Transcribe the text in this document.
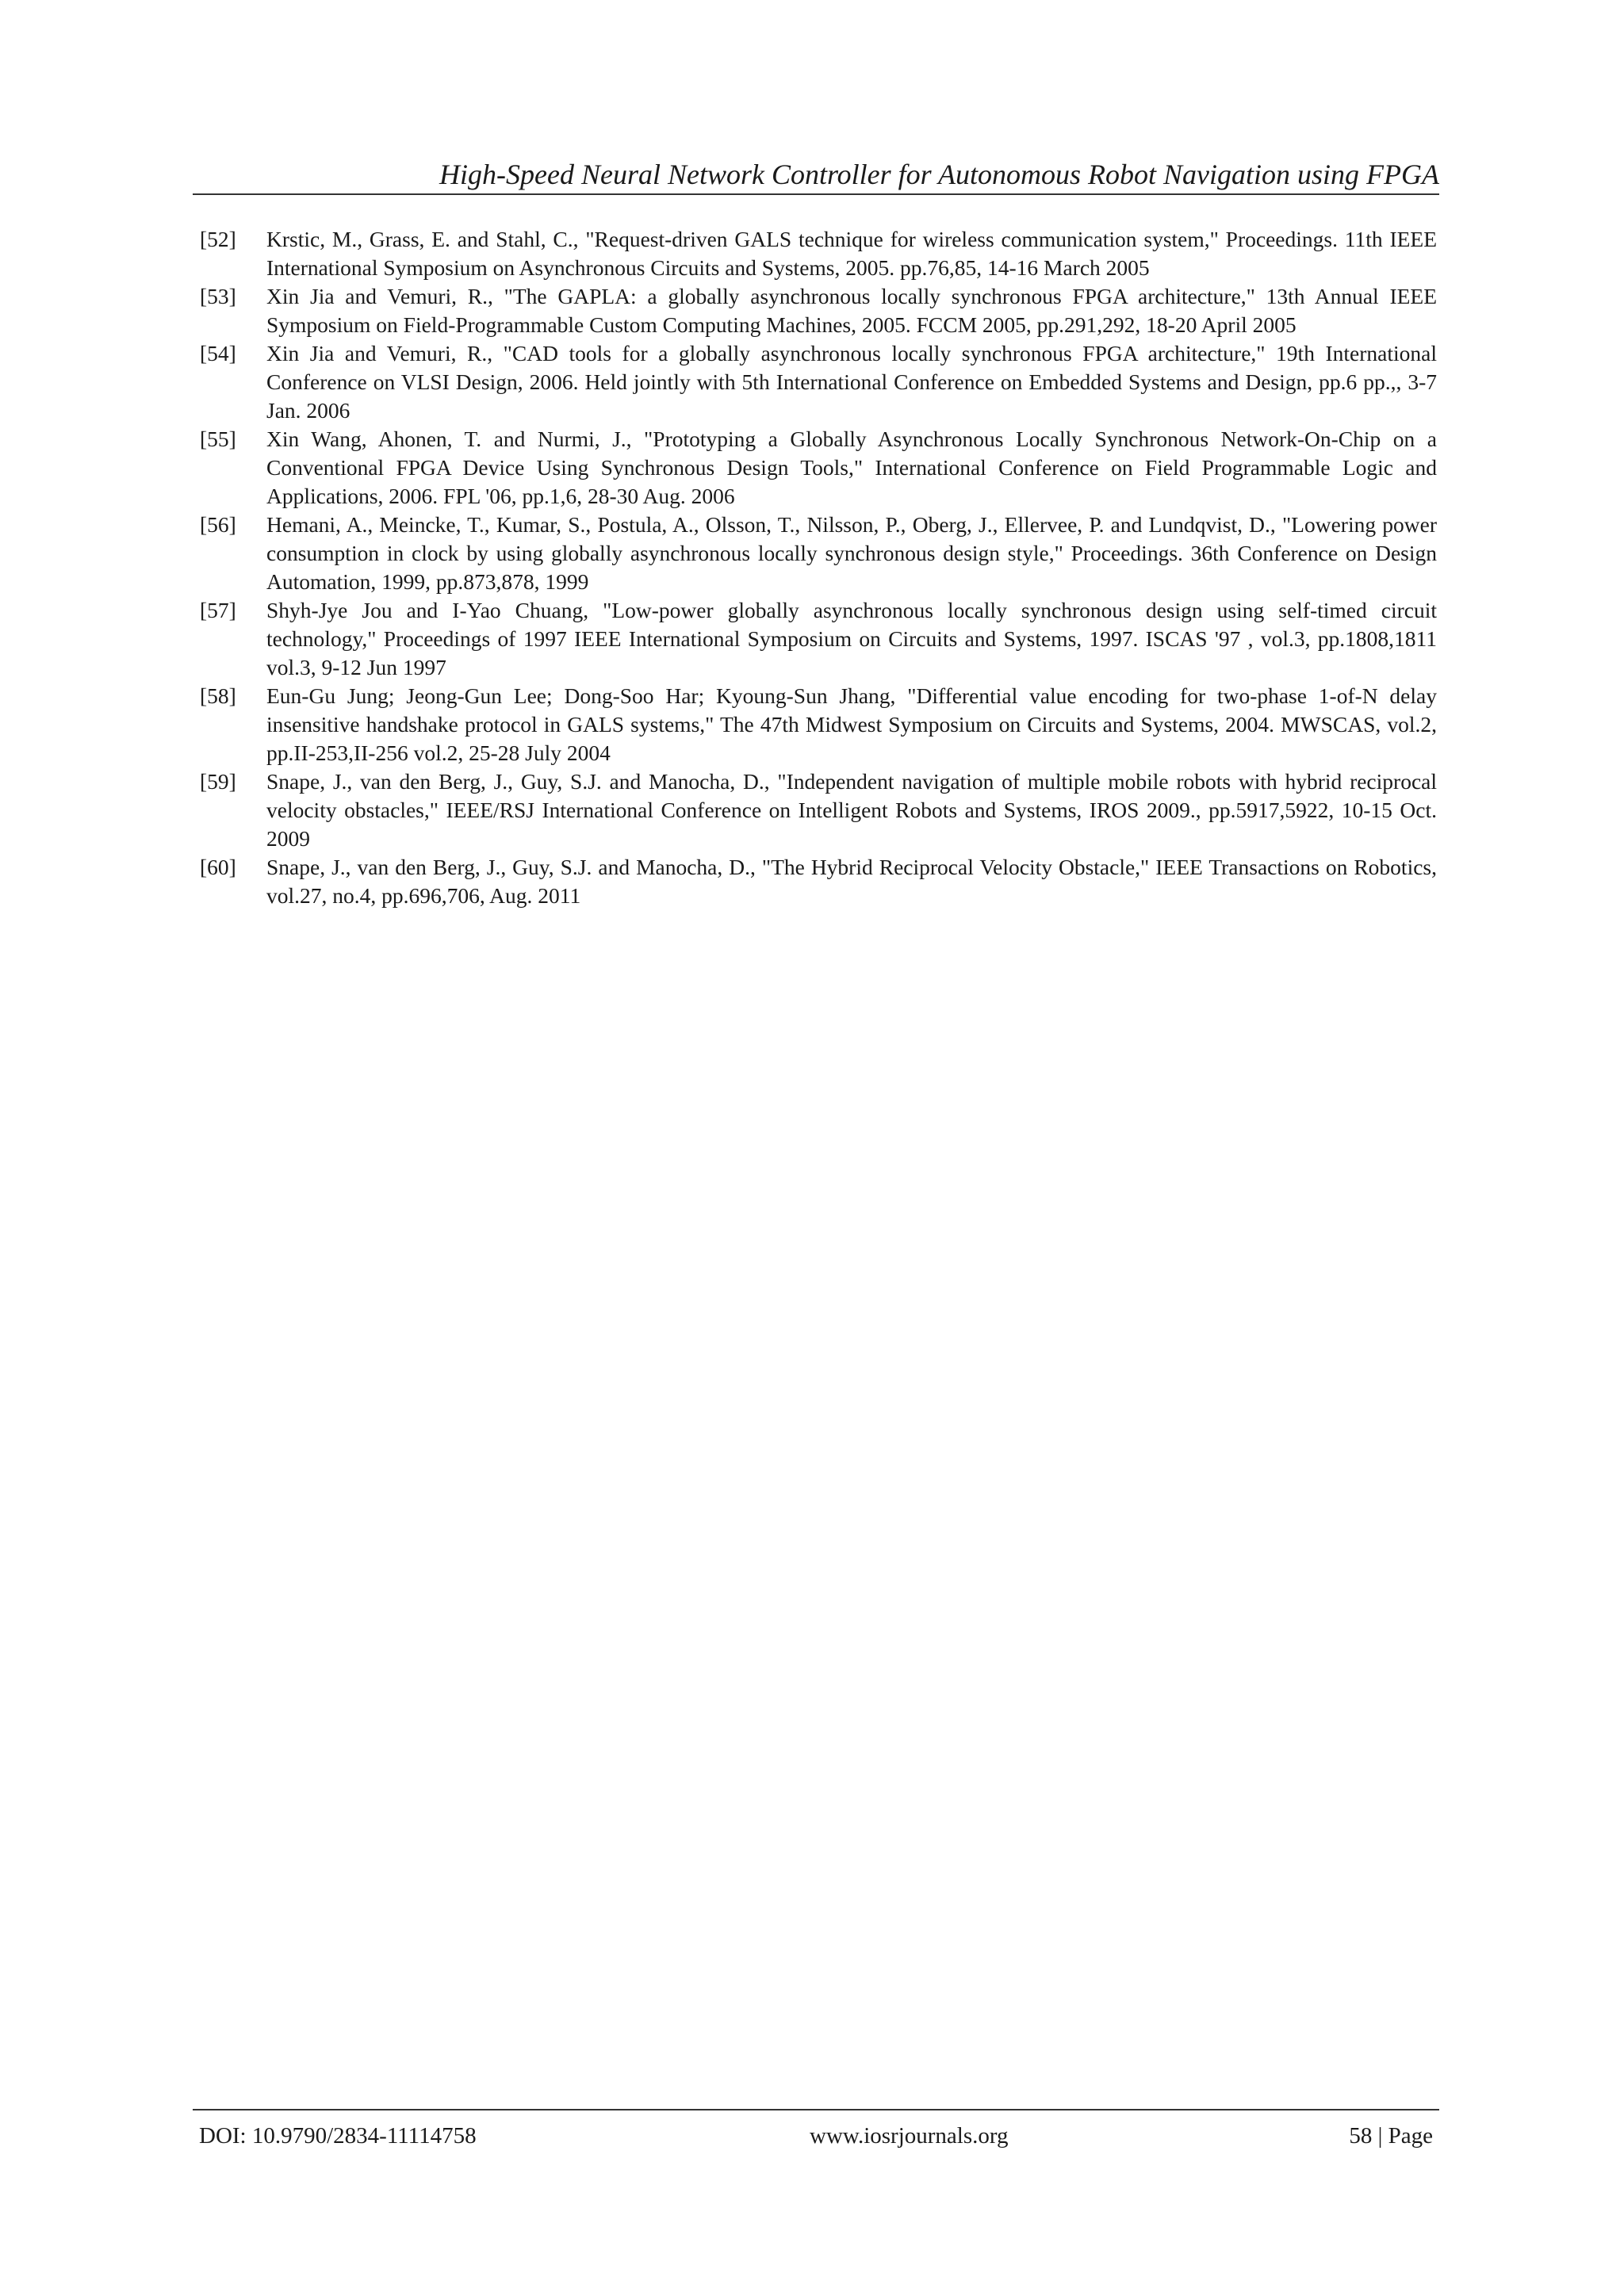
High-Speed Neural Network Controller for Autonomous Robot Navigation using FPGA
[52]	Krstic, M., Grass, E. and Stahl, C., "Request-driven GALS technique for wireless communication system," Proceedings. 11th IEEE International Symposium on Asynchronous Circuits and Systems, 2005. pp.76,85, 14-16 March 2005
[53]	Xin Jia and Vemuri, R., "The GAPLA: a globally asynchronous locally synchronous FPGA architecture," 13th Annual IEEE Symposium on Field-Programmable Custom Computing Machines, 2005. FCCM 2005, pp.291,292, 18-20 April 2005
[54]	Xin Jia and Vemuri, R., "CAD tools for a globally asynchronous locally synchronous FPGA architecture," 19th International Conference on VLSI Design, 2006. Held jointly with 5th International Conference on Embedded Systems and Design, pp.6 pp.,, 3-7 Jan. 2006
[55]	Xin Wang, Ahonen, T. and Nurmi, J., "Prototyping a Globally Asynchronous Locally Synchronous Network-On-Chip on a Conventional FPGA Device Using Synchronous Design Tools," International Conference on Field Programmable Logic and Applications, 2006. FPL '06, pp.1,6, 28-30 Aug. 2006
[56]	Hemani, A., Meincke, T., Kumar, S., Postula, A., Olsson, T., Nilsson, P., Oberg, J., Ellervee, P. and Lundqvist, D., "Lowering power consumption in clock by using globally asynchronous locally synchronous design style," Proceedings. 36th Conference on Design Automation, 1999, pp.873,878, 1999
[57]	Shyh-Jye Jou and I-Yao Chuang, "Low-power globally asynchronous locally synchronous design using self-timed circuit technology," Proceedings of 1997 IEEE International Symposium on Circuits and Systems, 1997. ISCAS '97 , vol.3, pp.1808,1811 vol.3, 9-12 Jun 1997
[58]	Eun-Gu Jung; Jeong-Gun Lee; Dong-Soo Har; Kyoung-Sun Jhang, "Differential value encoding for two-phase 1-of-N delay insensitive handshake protocol in GALS systems," The 47th Midwest Symposium on Circuits and Systems, 2004. MWSCAS, vol.2, pp.II-253,II-256 vol.2, 25-28 July 2004
[59]	Snape, J., van den Berg, J., Guy, S.J. and Manocha, D., "Independent navigation of multiple mobile robots with hybrid reciprocal velocity obstacles," IEEE/RSJ International Conference on Intelligent Robots and Systems, IROS 2009., pp.5917,5922, 10-15 Oct. 2009
[60]	Snape, J., van den Berg, J., Guy, S.J. and Manocha, D., "The Hybrid Reciprocal Velocity Obstacle," IEEE Transactions on Robotics, vol.27, no.4, pp.696,706, Aug. 2011
DOI: 10.9790/2834-11114758	www.iosrjournals.org	58 | Page
